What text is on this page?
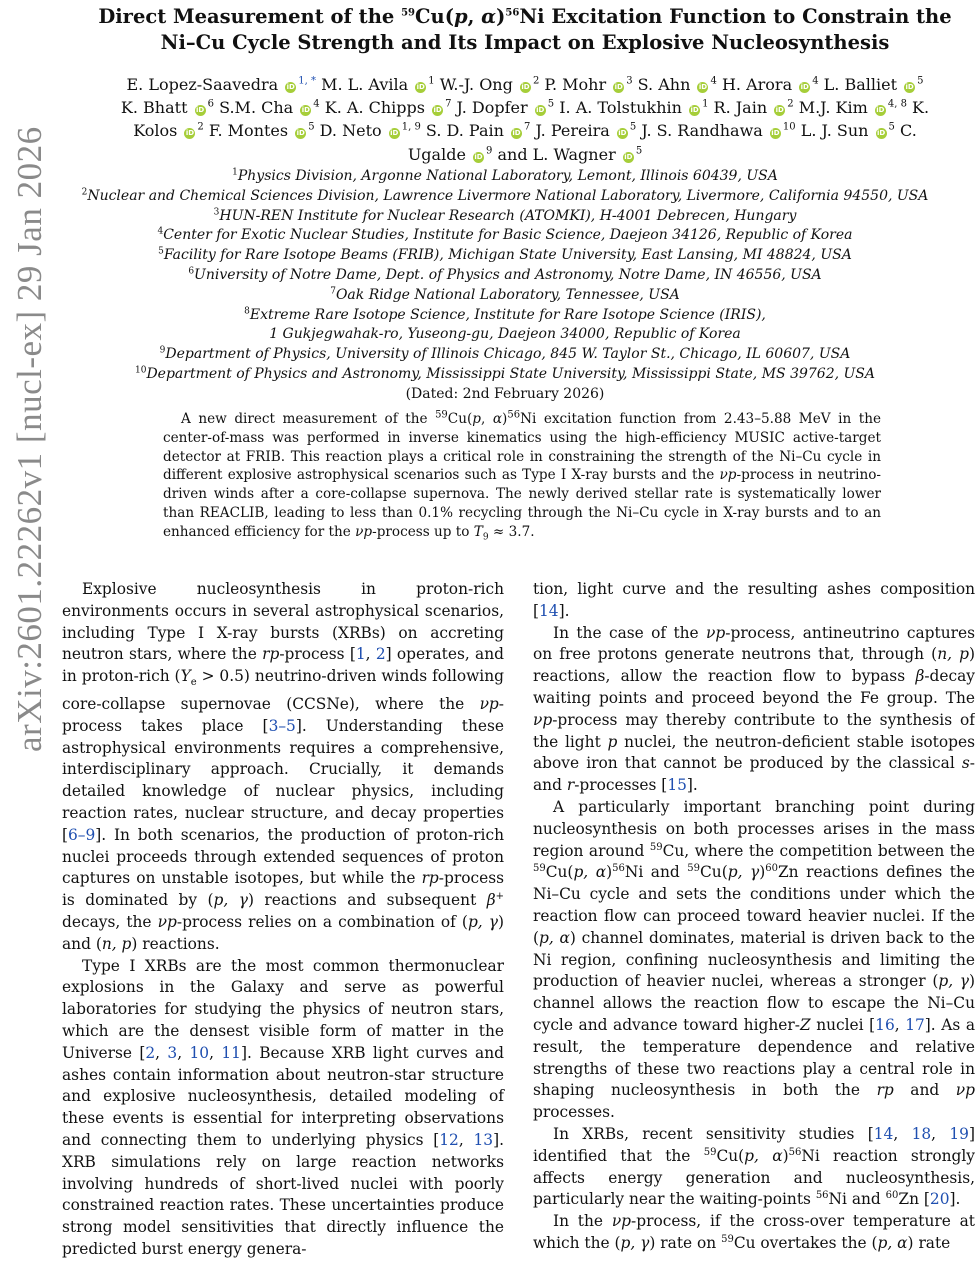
arXiv:2601.22262v1 [nucl-ex] 29 Jan 2026
Direct Measurement of the $^{59}$Cu(p, α)$^{56}$Ni Excitation Function to Constrain the
Ni–Cu Cycle Strength and Its Impact on Explosive Nucleosynthesis
E. Lopez-Saavedra $iD^{1, *}$ M. L. Avila $iD^1$ W.-J. Ong $iD^2$ P. Mohr $iD^3$ S. Ahn $iD^4$ H. Arora $iD^4$ L. Balliet $iD^5$ K. Bhatt $iD^6$ S.M. Cha $iD^4$ K. A. Chipps $iD^7$ J. Dopfer $iD^5$ I. A. Tolstukhin $iD^1$ R. Jain $iD^2$ M.J. Kim iD$^{4, 8}$ K. Kolos $iD^2$ F. Montes $iD^5$ D. Neto iD$^{1, 9}$ S. D. Pain $iD^7$ J. Pereira $iD^5$ J. S. Randhawa $iD^{10}$ L. J. Sun $iD^5$ C. Ugalde $iD^9$ and L. Wagner $iD^5$
$^1$Physics Division, Argonne National Laboratory, Lemont, Illinois 60439, USA
$^2$Nuclear and Chemical Sciences Division, Lawrence Livermore National Laboratory, Livermore, California 94550, USA
$^3$HUN-REN Institute for Nuclear Research (ATOMKI), H-4001 Debrecen, Hungary
$^4$Center for Exotic Nuclear Studies, Institute for Basic Science, Daejeon 34126, Republic of Korea
$^5$Facility for Rare Isotope Beams (FRIB), Michigan State University, East Lansing, MI 48824, USA
$^6$University of Notre Dame, Dept. of Physics and Astronomy, Notre Dame, IN 46556, USA
$^7$Oak Ridge National Laboratory, Tennessee, USA
$^8$Extreme Rare Isotope Science, Institute for Rare Isotope Science (IRIS),
1 Gukjegwahak-ro, Yuseong-gu, Daejeon 34000, Republic of Korea
$^9$Department of Physics, University of Illinois Chicago, 845 W. Taylor St., Chicago, IL 60607, USA
$^{10}$Department of Physics and Astronomy, Mississippi State University, Mississippi State, MS 39762, USA
(Dated: 2nd February 2026)
A new direct measurement of the $^{59}$Cu(p, α)$^{56}$Ni excitation function from 2.43–5.88 MeV in the center-of-mass was performed in inverse kinematics using the high-efficiency MUSIC active-target detector at FRIB. This reaction plays a critical role in constraining the strength of the Ni–Cu cycle in different explosive astrophysical scenarios such as Type I X-ray bursts and the νp-process in neutrino-driven winds after a core-collapse supernova. The newly derived stellar rate is systematically lower than REACLIB, leading to less than 0.1% recycling through the Ni–Cu cycle in X-ray bursts and to an enhanced efficiency for the νp-process up to $T_9 \approx 3.7$.

Explosive nucleosynthesis in proton-rich environments occurs in several astrophysical scenarios, including Type I X-ray bursts (XRBs) on accreting neutron stars, where the rp-process [1, 2] operates, and in proton-rich $(Y_e > 0.5)$ neutrino-driven winds following core-collapse supernovae (CCSNe), where the νp-process takes place [3–5]. Understanding these astrophysical environments requires a comprehensive, interdisciplinary approach. Crucially, it demands detailed knowledge of nuclear physics, including reaction rates, nuclear structure, and decay properties [6–9]. In both scenarios, the production of proton-rich nuclei proceeds through extended sequences of proton captures on unstable isotopes, but while the rp-process is dominated by (p, γ) reactions and subsequent β+ decays, the νp-process relies on a combination of (p, γ) and (n, p) reactions.

Type I XRBs are the most common thermonuclear explosions in the Galaxy and serve as powerful laboratories for studying the physics of neutron stars, which are the densest visible form of matter in the Universe [2, 3, 10, 11]. Because XRB light curves and ashes contain information about neutron-star structure and explosive nucleosynthesis, detailed modeling of these events is essential for interpreting observations and connecting them to underlying physics [12, 13]. XRB simulations rely on large reaction networks involving hundreds of short-lived nuclei with poorly constrained reaction rates. These uncertainties produce strong model sensitivities that directly influence the predicted burst energy genera-

tion, light curve and the resulting ashes composition [14].

In the case of the νp-process, antineutrino captures on free protons generate neutrons that, through (n, p) reactions, allow the reaction flow to bypass β-decay waiting points and proceed beyond the Fe group. The νp-process may thereby contribute to the synthesis of the light p nuclei, the neutron-deficient stable isotopes above iron that cannot be produced by the classical s- and r-processes [15].

A particularly important branching point during nucleosynthesis on both processes arises in the mass region around $^{59}$Cu, where the competition between the $^{59}$Cu(p, α)$^{56}$Ni and $^{59}$Cu(p, γ)$^{60}$Zn reactions defines the Ni–Cu cycle and sets the conditions under which the reaction flow can proceed toward heavier nuclei. If the (p, α) channel dominates, material is driven back to the Ni region, confining nucleosynthesis and limiting the production of heavier nuclei, whereas a stronger (p, γ) channel allows the reaction flow to escape the Ni–Cu cycle and advance toward higher-Z nuclei [16, 17]. As a result, the temperature dependence and relative strengths of these two reactions play a central role in shaping nucleosynthesis in both the rp and νp processes.

In XRBs, recent sensitivity studies [14, 18, 19] identified that the $^{59}$Cu(p, α)$^{56}$Ni reaction strongly affects energy generation and nucleosynthesis, particularly near the waiting-points $^{56}$Ni and $^{60}$Zn [20].

In the νp-process, if the cross-over temperature at which the (p, γ) rate on $^{59}$Cu overtakes the (p, α) rate
